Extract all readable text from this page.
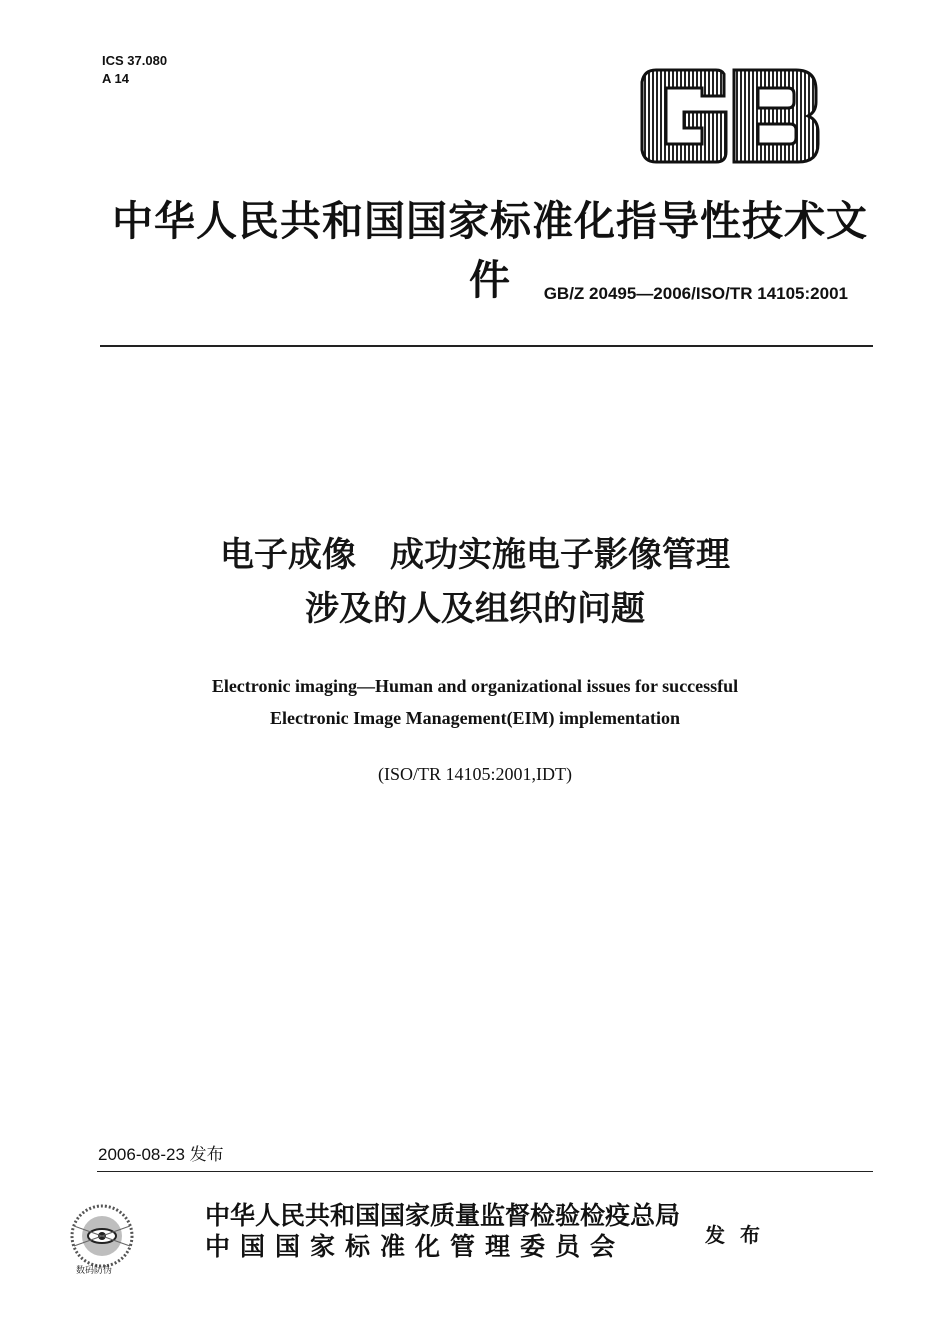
ICS 37.080
A 14
中华人民共和国国家标准化指导性技术文件	GB/Z 20495—2006/ISO/TR 14105:2001
电子成像　成功实施电子影像管理
涉及的人及组织的问题
Electronic imaging—Human and organizational issues for successful
Electronic Image Management(EIM) implementation
(ISO/TR 14105:2001,IDT)
2006-08-23 发布
数码防伪
中华人民共和国国家质量监督检验检疫总局
中国国家标准化管理委员会	发 布
